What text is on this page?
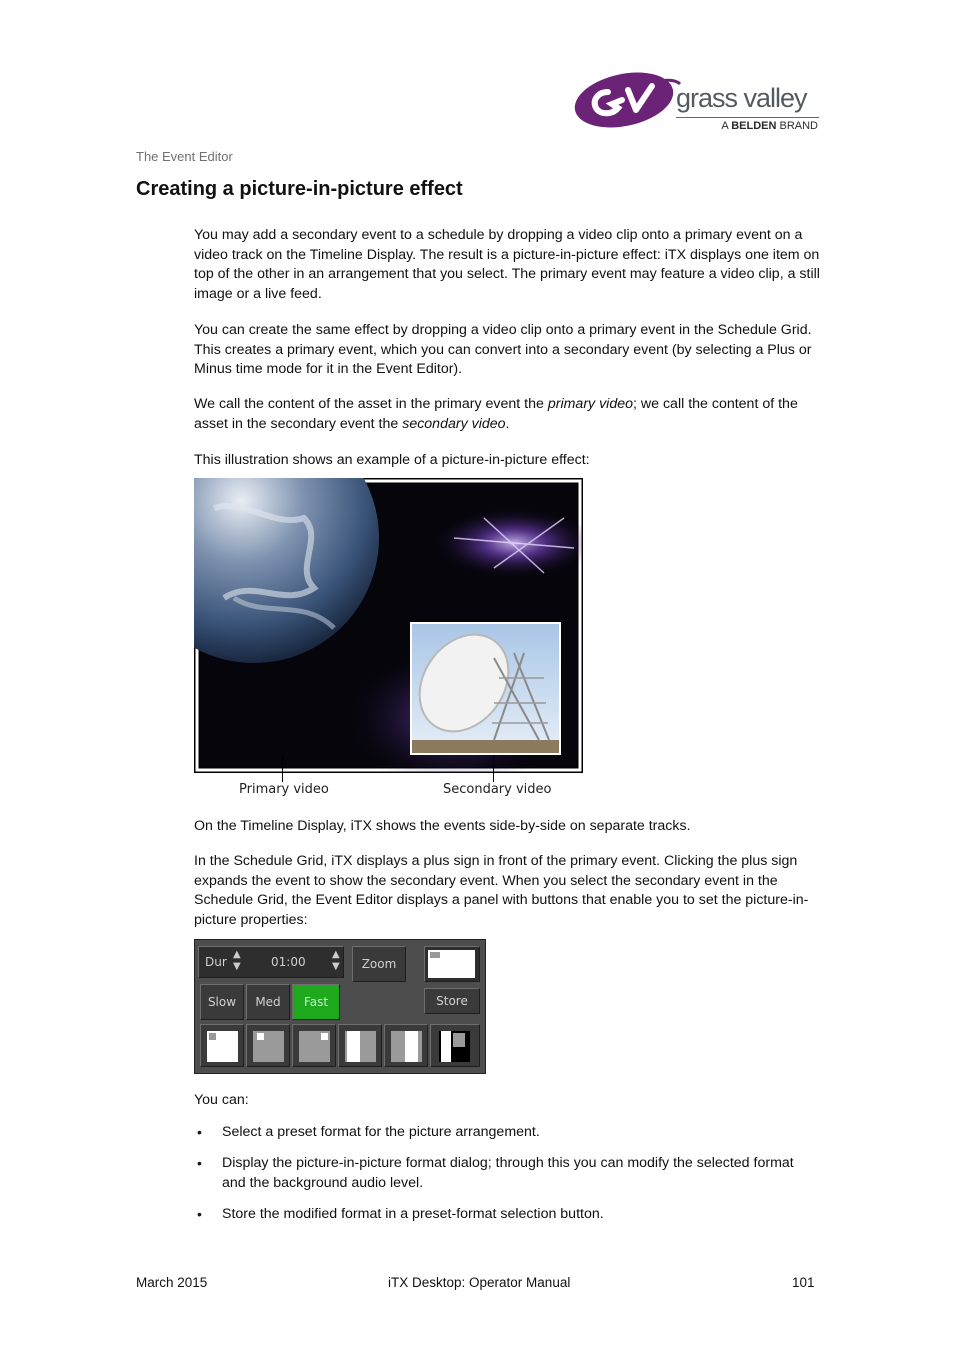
grass valley
A BELDEN BRAND
The Event Editor
Creating a picture-in-picture effect

You may add a secondary event to a schedule by dropping a video clip onto a primary event on a video track on the Timeline Display. The result is a picture-in-picture effect: iTX displays one item on top of the other in an arrangement that you select. The primary event may feature a video clip, a still image or a live feed.

You can create the same effect by dropping a video clip onto a primary event in the Schedule Grid. This creates a primary event, which you can convert into a secondary event (by selecting a Plus or Minus time mode for it in the Event Editor).

We call the content of the asset in the primary event the primary video; we call the content of the asset in the secondary event the secondary video.

This illustration shows an example of a picture-in-picture effect:

Primary video	Secondary video

On the Timeline Display, iTX shows the events side-by-side on separate tracks.

In the Schedule Grid, iTX displays a plus sign in front of the primary event. Clicking the plus sign expands the event to show the secondary event. When you select the secondary event in the Schedule Grid, the Event Editor displays a panel with buttons that enable you to set the picture-in-picture properties:

Dur
▲
▼	01:00
▲
▼	Zoom
Slow	Med	Fast	Store

You can:

• Select a preset format for the picture arrangement.
• Display the picture-in-picture format dialog; through this you can modify the selected format and the background audio level.
• Store the modified format in a preset-format selection button.
March 2015	iTX Desktop: Operator Manual	101
